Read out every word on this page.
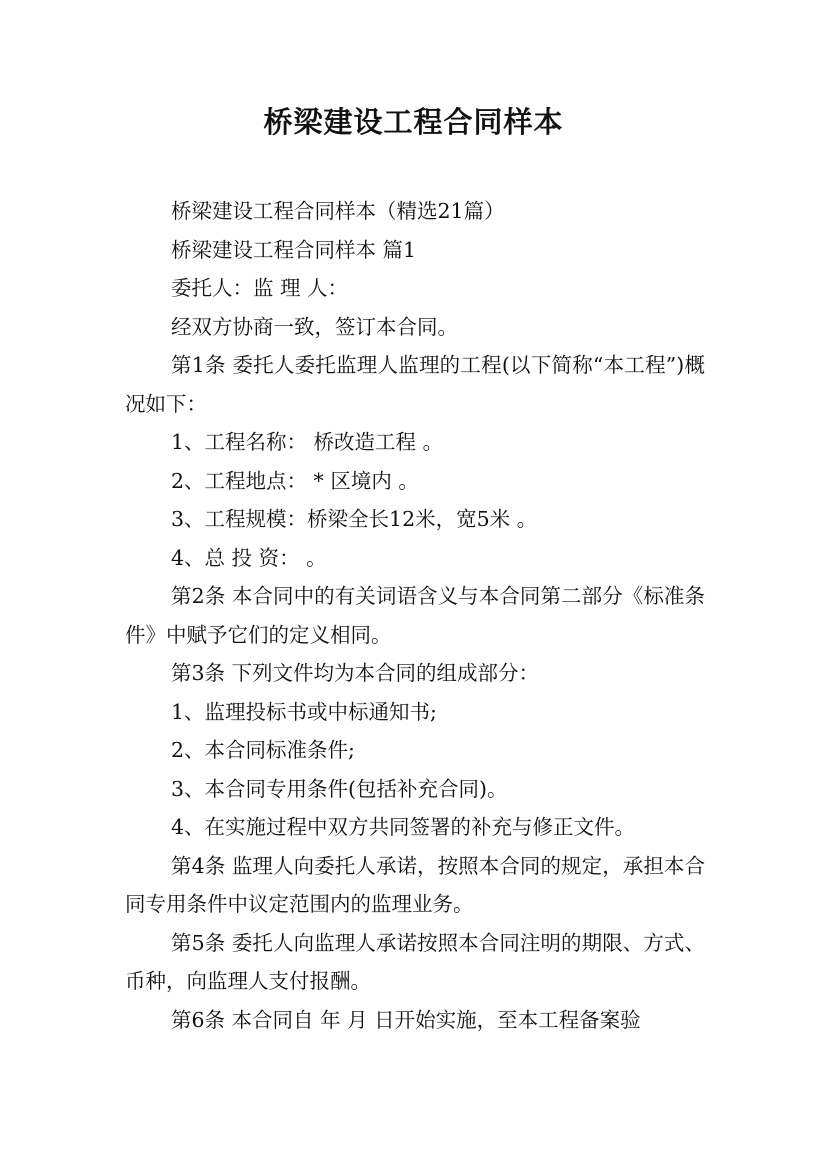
桥梁建设工程合同样本

桥梁建设工程合同样本（精选21篇）

桥梁建设工程合同样本 篇1

委托人：监 理 人：

经双方协商一致，签订本合同。

第1条 委托人委托监理人监理的工程(以下简称“本工程”)概况如下：

1、工程名称： 桥改造工程 。

2、工程地点： * 区境内 。

3、工程规模：桥梁全长12米，宽5米 。

4、总 投 资： 。

第2条 本合同中的有关词语含义与本合同第二部分《标准条件》中赋予它们的定义相同。

第3条 下列文件均为本合同的组成部分：

1、监理投标书或中标通知书;

2、本合同标准条件;

3、本合同专用条件(包括补充合同)。

4、在实施过程中双方共同签署的补充与修正文件。

第4条 监理人向委托人承诺，按照本合同的规定，承担本合同专用条件中议定范围内的监理业务。

第5条 委托人向监理人承诺按照本合同注明的期限、方式、币种，向监理人支付报酬。

第6条 本合同自 年 月 日开始实施，至本工程备案验
